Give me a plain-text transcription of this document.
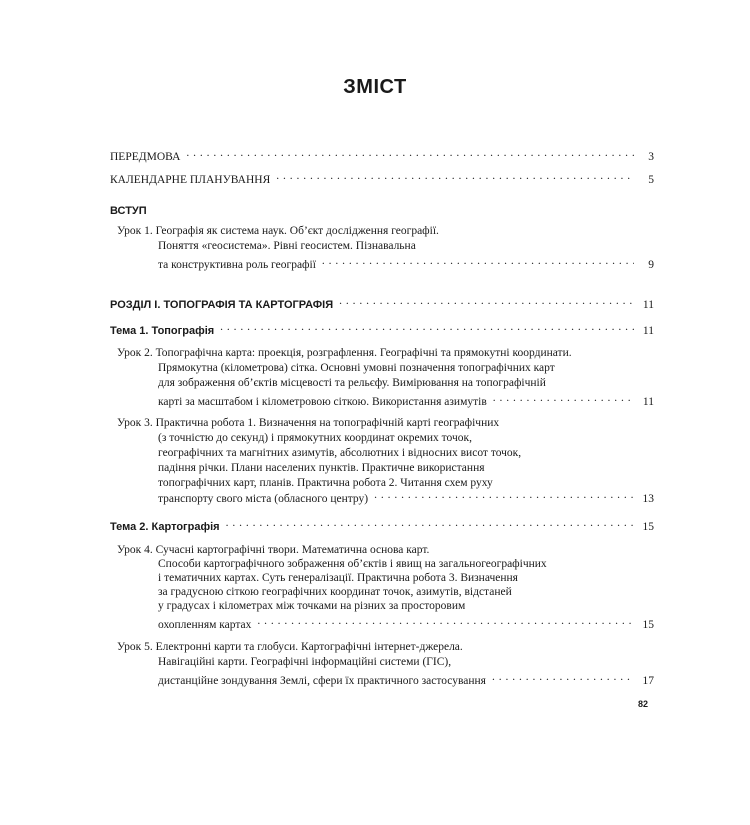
ЗМІСТ
ПЕРЕДМОВА . . .	3
КАЛЕНДАРНЕ ПЛАНУВАННЯ . . .	5
ВСТУП
Урок 1. Географія як система наук. Об’єкт дослідження географії.
Поняття «геосистема». Рівні геосистем. Пізнавальна
та конструктивна роль географії . . .	9
РОЗДІЛ І. ТОПОГРАФІЯ ТА КАРТОГРАФІЯ . . .	11
Тема 1. Топографія . . .	11
Урок 2. Топографічна карта: проекція, розграфлення. Географічні та прямокутні координати.
Прямокутна (кілометрова) сітка. Основні умовні позначення топографічних карт
для зображення об’єктів місцевості та рельєфу. Вимірювання на топографічній
карті за масштабом і кілометровою сіткою. Використання азимутів . . .	11
Урок 3. Практична робота 1. Визначення на топографічній карті географічних
(з точністю до секунд) і прямокутних координат окремих точок,
географічних та магнітних азимутів, абсолютних і відносних висот точок,
падіння річки. Плани населених пунктів. Практичне використання
топографічних карт, планів. Практична робота 2. Читання схем руху
транспорту свого міста (обласного центру) . . .	13
Тема 2. Картографія . . .	15
Урок 4. Сучасні картографічні твори. Математична основа карт.
Способи картографічного зображення об’єктів і явищ на загальногеографічних
і тематичних картах. Суть генералізації. Практична робота 3. Визначення
за градусною сіткою географічних координат точок, азимутів, відстаней
у градусах і кілометрах між точками на різних за просторовим
охопленням картах . . .	15
Урок 5. Електронні карти та глобуси. Картографічні інтернет-джерела.
Навігаційні карти. Географічні інформаційні системи (ГІС),
дистанційне зондування Землі, сфери їх практичного застосування . . .	17
82
